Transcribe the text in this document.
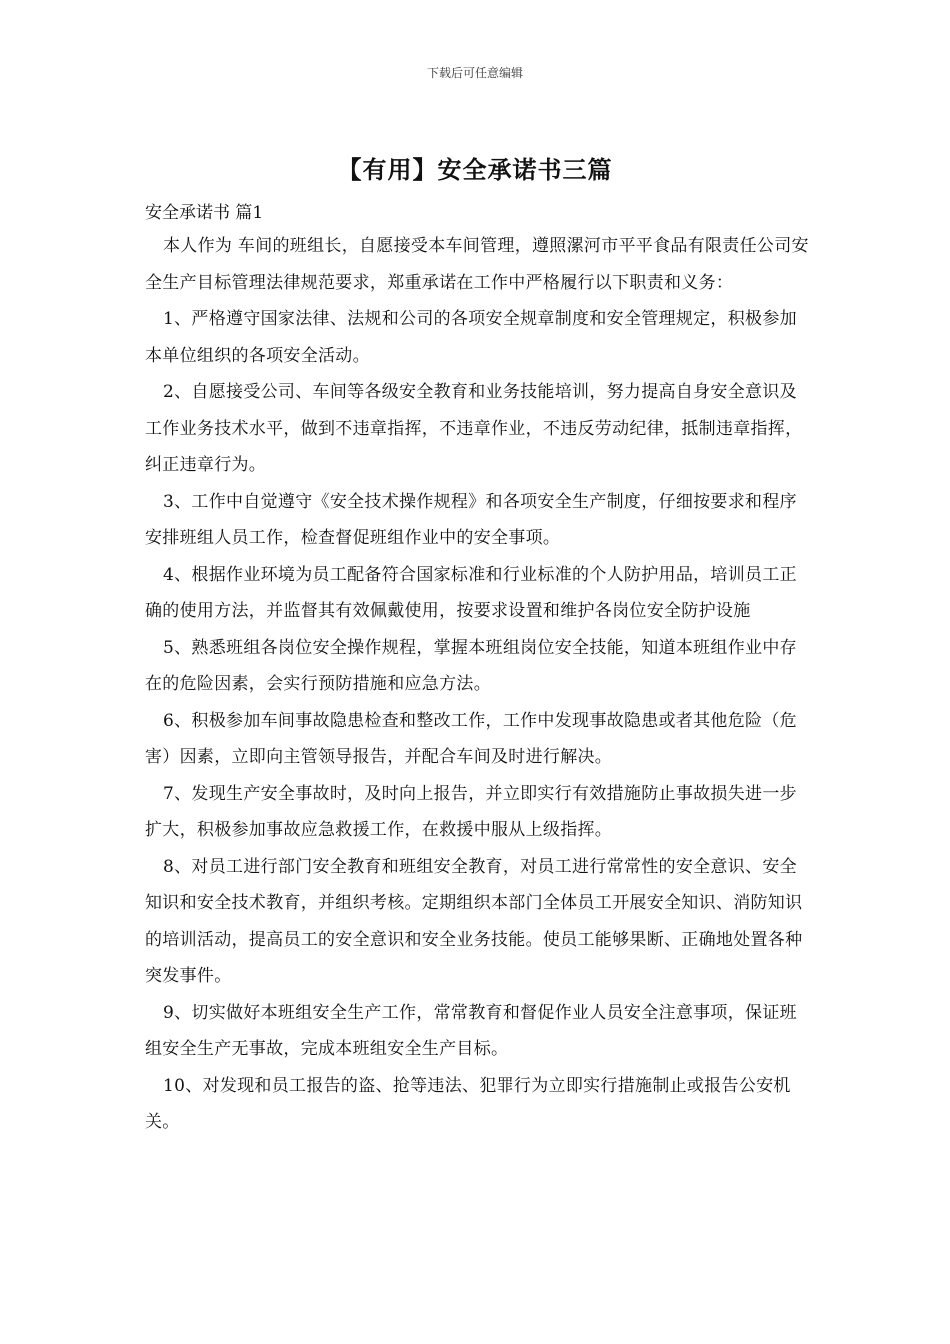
下载后可任意编辑
【有用】安全承诺书三篇

安全承诺书 篇1

本人作为 车间的班组长，自愿接受本车间管理，遵照漯河市平平食品有限责任公司安全生产目标管理法律规范要求，郑重承诺在工作中严格履行以下职责和义务：

1、严格遵守国家法律、法规和公司的各项安全规章制度和安全管理规定，积极参加本单位组织的各项安全活动。

2、自愿接受公司、车间等各级安全教育和业务技能培训，努力提高自身安全意识及工作业务技术水平，做到不违章指挥，不违章作业，不违反劳动纪律，抵制违章指挥，纠正违章行为。

3、工作中自觉遵守《安全技术操作规程》和各项安全生产制度，仔细按要求和程序安排班组人员工作，检查督促班组作业中的安全事项。

4、根据作业环境为员工配备符合国家标准和行业标准的个人防护用品，培训员工正确的使用方法，并监督其有效佩戴使用，按要求设置和维护各岗位安全防护设施

5、熟悉班组各岗位安全操作规程，掌握本班组岗位安全技能，知道本班组作业中存在的危险因素，会实行预防措施和应急方法。

6、积极参加车间事故隐患检查和整改工作，工作中发现事故隐患或者其他危险（危害）因素，立即向主管领导报告，并配合车间及时进行解决。

7、发现生产安全事故时，及时向上报告，并立即实行有效措施防止事故损失进一步扩大，积极参加事故应急救援工作，在救援中服从上级指挥。

8、对员工进行部门安全教育和班组安全教育，对员工进行常常性的安全意识、安全知识和安全技术教育，并组织考核。定期组织本部门全体员工开展安全知识、消防知识的培训活动，提高员工的安全意识和安全业务技能。使员工能够果断、正确地处置各种突发事件。

9、切实做好本班组安全生产工作，常常教育和督促作业人员安全注意事项，保证班组安全生产无事故，完成本班组安全生产目标。

10、对发现和员工报告的盗、抢等违法、犯罪行为立即实行措施制止或报告公安机关。
